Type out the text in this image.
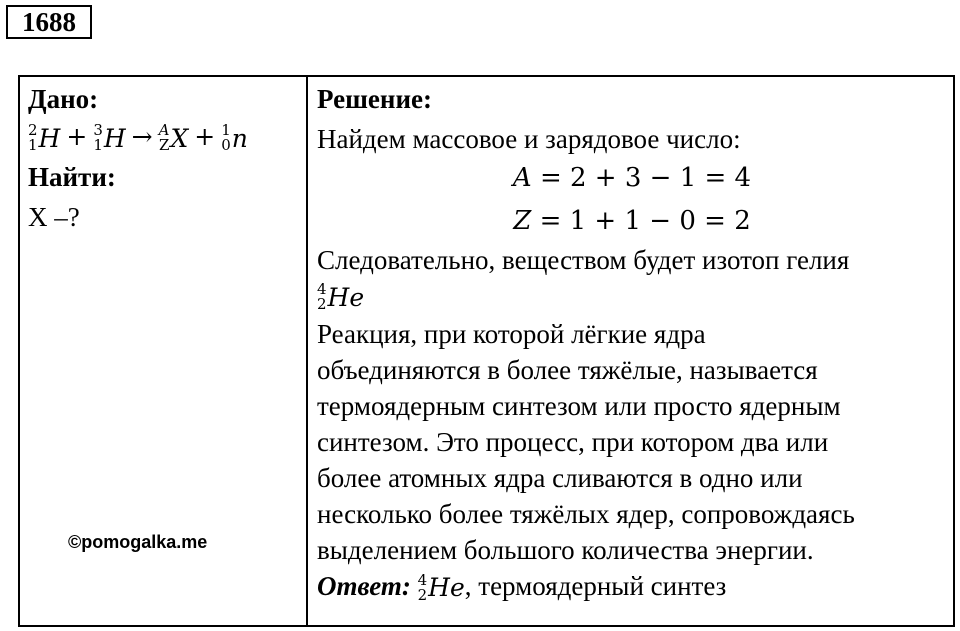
1688
Дано:
2
1 H + 3
1 H → A
Z X + 1
0 n
Найти:
X –?
©pomogalka.me
Решение:
Найдем массовое и зарядовое число:
A = 2 + 3 − 1 = 4
Z = 1 + 1 − 0 = 2
Следовательно, веществом будет изотоп гелия
4
2 He
Реакция, при которой лёгкие ядра
объединяются в более тяжёлые, называется
термоядерным синтезом или просто ядерным
синтезом. Это процесс, при котором два или
более атомных ядра сливаются в одно или
несколько более тяжёлых ядер, сопровождаясь
выделением большого количества энергии.
Ответ: 4
2 He, термоядерный синтез
